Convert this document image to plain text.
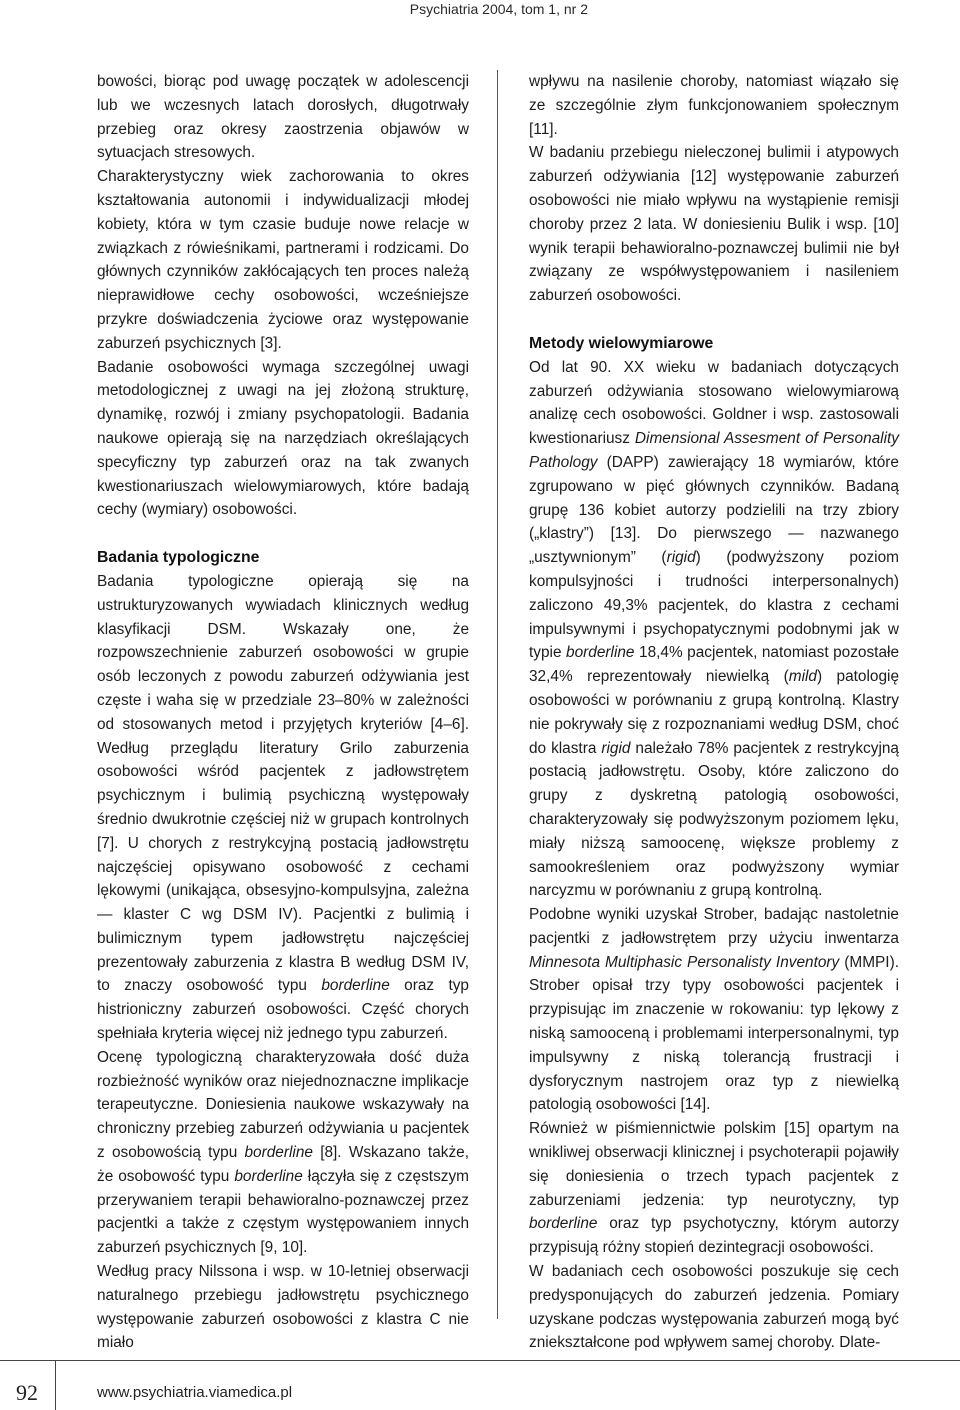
Psychiatria 2004, tom 1, nr 2

bowości, biorąc pod uwagę początek w adolescencji lub we wczesnych latach dorosłych, długotrwały przebieg oraz okresy zaostrzenia objawów w sytuacjach stresowych.

Charakterystyczny wiek zachorowania to okres kształtowania autonomii i indywidualizacji młodej kobiety, która w tym czasie buduje nowe relacje w związkach z rówieśnikami, partnerami i rodzicami. Do głównych czynników zakłócających ten proces należą nieprawidłowe cechy osobowości, wcześniejsze przykre doświadczenia życiowe oraz występowanie zaburzeń psychicznych [3].

Badanie osobowości wymaga szczególnej uwagi metodologicznej z uwagi na jej złożoną strukturę, dynamikę, rozwój i zmiany psychopatologii. Badania naukowe opierają się na narzędziach określających specyficzny typ zaburzeń oraz na tak zwanych kwestionariuszach wielowymiarowych, które badają cechy (wymiary) osobowości.

Badania typologiczne

Badania typologiczne opierają się na ustrukturyzowanych wywiadach klinicznych według klasyfikacji DSM. Wskazały one, że rozpowszechnienie zaburzeń osobowości w grupie osób leczonych z powodu zaburzeń odżywiania jest częste i waha się w przedziale 23–80% w zależności od stosowanych metod i przyjętych kryteriów [4–6]. Według przeglądu literatury Grilo zaburzenia osobowości wśród pacjentek z jadłowstrętem psychicznym i bulimią psychiczną występowały średnio dwukrotnie częściej niż w grupach kontrolnych [7]. U chorych z restrykcyjną postacią jadłowstrętu najczęściej opisywano osobowość z cechami lękowymi (unikająca, obsesyjno-kompulsyjna, zależna — klaster C wg DSM IV). Pacjentki z bulimią i bulimicznym typem jadłowstrętu najczęściej prezentowały zaburzenia z klastra B według DSM IV, to znaczy osobowość typu borderline oraz typ histrioniczny zaburzeń osobowości. Część chorych spełniała kryteria więcej niż jednego typu zaburzeń.

Ocenę typologiczną charakteryzowała dość duża rozbieżność wyników oraz niejednoznaczne implikacje terapeutyczne. Doniesienia naukowe wskazywały na chroniczny przebieg zaburzeń odżywiania u pacjentek z osobowością typu borderline [8]. Wskazano także, że osobowość typu borderline łączyła się z częstszym przerywaniem terapii behawioralno-poznawczej przez pacjentki a także z częstym występowaniem innych zaburzeń psychicznych [9, 10].

Według pracy Nilssona i wsp. w 10-letniej obserwacji naturalnego przebiegu jadłowstrętu psychicznego występowanie zaburzeń osobowości z klastra C nie miało

wpływu na nasilenie choroby, natomiast wiązało się ze szczególnie złym funkcjonowaniem społecznym [11].

W badaniu przebiegu nieleczonej bulimii i atypowych zaburzeń odżywiania [12] występowanie zaburzeń osobowości nie miało wpływu na wystąpienie remisji choroby przez 2 lata. W doniesieniu Bulik i wsp. [10] wynik terapii behawioralno-poznawczej bulimii nie był związany ze współwystępowaniem i nasileniem zaburzeń osobowości.

Metody wielowymiarowe

Od lat 90. XX wieku w badaniach dotyczących zaburzeń odżywiania stosowano wielowymiarową analizę cech osobowości. Goldner i wsp. zastosowali kwestionariusz Dimensional Assesment of Personality Pathology (DAPP) zawierający 18 wymiarów, które zgrupowano w pięć głównych czynników. Badaną grupę 136 kobiet autorzy podzielili na trzy zbiory („klastry”) [13]. Do pierwszego — nazwanego „usztywnionym” (rigid) (podwyższony poziom kompulsyjności i trudności interpersonalnych) zaliczono 49,3% pacjentek, do klastra z cechami impulsywnymi i psychopatycznymi podobnymi jak w typie borderline 18,4% pacjentek, natomiast pozostałe 32,4% reprezentowały niewielką (mild) patologię osobowości w porównaniu z grupą kontrolną. Klastry nie pokrywały się z rozpoznaniami według DSM, choć do klastra rigid należało 78% pacjentek z restrykcyjną postacią jadłowstrętu. Osoby, które zaliczono do grupy z dyskretną patologią osobowości, charakteryzowały się podwyższonym poziomem lęku, miały niższą samoocenę, większe problemy z samookreśleniem oraz podwyższony wymiar narcyzmu w porównaniu z grupą kontrolną.

Podobne wyniki uzyskał Strober, badając nastoletnie pacjentki z jadłowstrętem przy użyciu inwentarza Minnesota Multiphasic Personalisty Inventory (MMPI). Strober opisał trzy typy osobowości pacjentek i przypisując im znaczenie w rokowaniu: typ lękowy z niską samooceną i problemami interpersonalnymi, typ impulsywny z niską tolerancją frustracji i dysforycznym nastrojem oraz typ z niewielką patologią osobowości [14].

Również w piśmiennictwie polskim [15] opartym na wnikliwej obserwacji klinicznej i psychoterapii pojawiły się doniesienia o trzech typach pacjentek z zaburzeniami jedzenia: typ neurotyczny, typ borderline oraz typ psychotyczny, którym autorzy przypisują różny stopień dezintegracji osobowości.

W badaniach cech osobowości poszukuje się cech predysponujących do zaburzeń jedzenia. Pomiary uzyskane podczas występowania zaburzeń mogą być zniekształcone pod wpływem samej choroby. Dlate-

92	www.psychiatria.viamedica.pl
